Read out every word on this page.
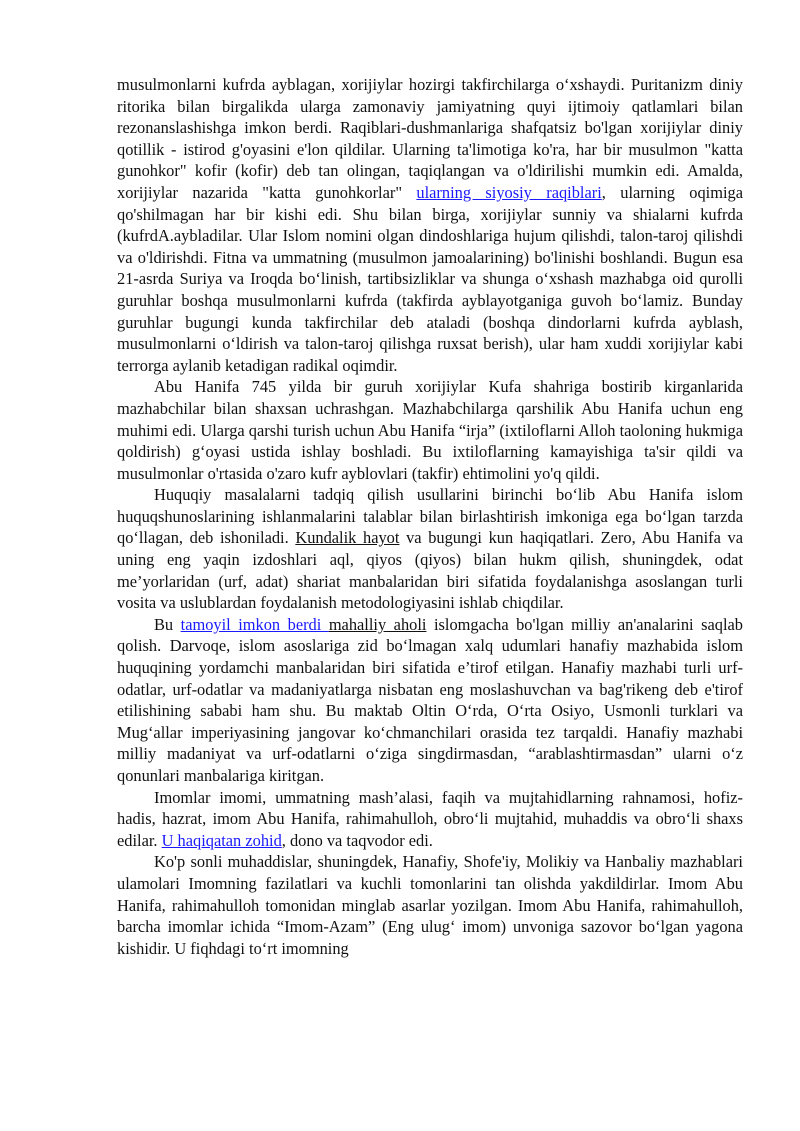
musulmonlarni kufrda ayblagan, xorijiylar hozirgi takfirchilarga o‘xshaydi. Puritanizm diniy ritorika bilan birgalikda ularga zamonaviy jamiyatning quyi ijtimoiy qatlamlari bilan rezonanslashishga imkon berdi. Raqiblari-dushmanlariga shafqatsiz bo'lgan xorijiylar diniy qotillik - istirod g'oyasini e'lon qildilar. Ularning ta'limotiga ko'ra, har bir musulmon "katta gunohkor" kofir (kofir) deb tan olingan, taqiqlangan va o'ldirilishi mumkin edi. Amalda, xorijiylar nazarida "katta gunohkorlar" ularning siyosiy raqiblari, ularning oqimiga qo'shilmagan har bir kishi edi. Shu bilan birga, xorijiylar sunniy va shialarni kufrda (kufrdA.aybladilar. Ular Islom nomini olgan dindoshlariga hujum qilishdi, talon-taroj qilishdi va o'ldirishdi. Fitna va ummatning (musulmon jamoalarining) bo'linishi boshlandi. Bugun esa 21-asrda Suriya va Iroqda bo‘linish, tartibsizliklar va shunga o‘xshash mazhabga oid qurolli guruhlar boshqa musulmonlarni kufrda (takfirda ayblayotganiga guvoh bo‘lamiz. Bunday guruhlar bugungi kunda takfirchilar deb ataladi (boshqa dindorlarni kufrda ayblash, musulmonlarni o‘ldirish va talon-taroj qilishga ruxsat berish), ular ham xuddi xorijiylar kabi terrorga aylanib ketadigan radikal oqimdir.

Abu Hanifa 745 yilda bir guruh xorijiylar Kufa shahriga bostirib kirganlarida mazhabchilar bilan shaxsan uchrashgan. Mazhabchilarga qarshilik Abu Hanifa uchun eng muhimi edi. Ularga qarshi turish uchun Abu Hanifa “irja” (ixtiloflarni Alloh taoloning hukmiga qoldirish) g‘oyasi ustida ishlay boshladi. Bu ixtiloflarning kamayishiga ta'sir qildi va musulmonlar o'rtasida o'zaro kufr ayblovlari (takfir) ehtimolini yo'q qildi.

Huquqiy masalalarni tadqiq qilish usullarini birinchi bo‘lib Abu Hanifa islom huquqshunoslarining ishlanmalarini talablar bilan birlashtirish imkoniga ega bo‘lgan tarzda qo‘llagan, deb ishoniladi. Kundalik hayot va bugungi kun haqiqatlari. Zero, Abu Hanifa va uning eng yaqin izdoshlari aql, qiyos (qiyos) bilan hukm qilish, shuningdek, odat me’yorlaridan (urf, adat) shariat manbalaridan biri sifatida foydalanishga asoslangan turli vosita va uslublardan foydalanish metodologiyasini ishlab chiqdilar.

Bu tamoyil imkon berdi mahalliy aholi islomgacha bo'lgan milliy an'analarini saqlab qolish. Darvoqe, islom asoslariga zid bo‘lmagan xalq udumlari hanafiy mazhabida islom huquqining yordamchi manbalaridan biri sifatida e’tirof etilgan. Hanafiy mazhabi turli urf-odatlar, urf-odatlar va madaniyatlarga nisbatan eng moslashuvchan va bag'rikeng deb e'tirof etilishining sababi ham shu. Bu maktab Oltin O‘rda, O‘rta Osiyo, Usmonli turklari va Mug‘allar imperiyasining jangovar ko‘chmanchilari orasida tez tarqaldi. Hanafiy mazhabi milliy madaniyat va urf-odatlarni o‘ziga singdirmasdan, “arablashtirmasdan” ularni o‘z qonunlari manbalariga kiritgan.

Imomlar imomi, ummatning mash’alasi, faqih va mujtahidlarning rahnamosi, hofiz-hadis, hazrat, imom Abu Hanifa, rahimahulloh, obro‘li mujtahid, muhaddis va obro‘li shaxs edilar. U haqiqatan zohid, dono va taqvodor edi.

Ko'p sonli muhaddislar, shuningdek, Hanafiy, Shofe'iy, Molikiy va Hanbaliy mazhablari ulamolari Imomning fazilatlari va kuchli tomonlarini tan olishda yakdildirlar. Imom Abu Hanifa, rahimahulloh tomonidan minglab asarlar yozilgan. Imom Abu Hanifa, rahimahulloh, barcha imomlar ichida “Imom-Azam” (Eng ulug‘ imom) unvoniga sazovor bo‘lgan yagona kishidir. U fiqhdagi to‘rt imomning
